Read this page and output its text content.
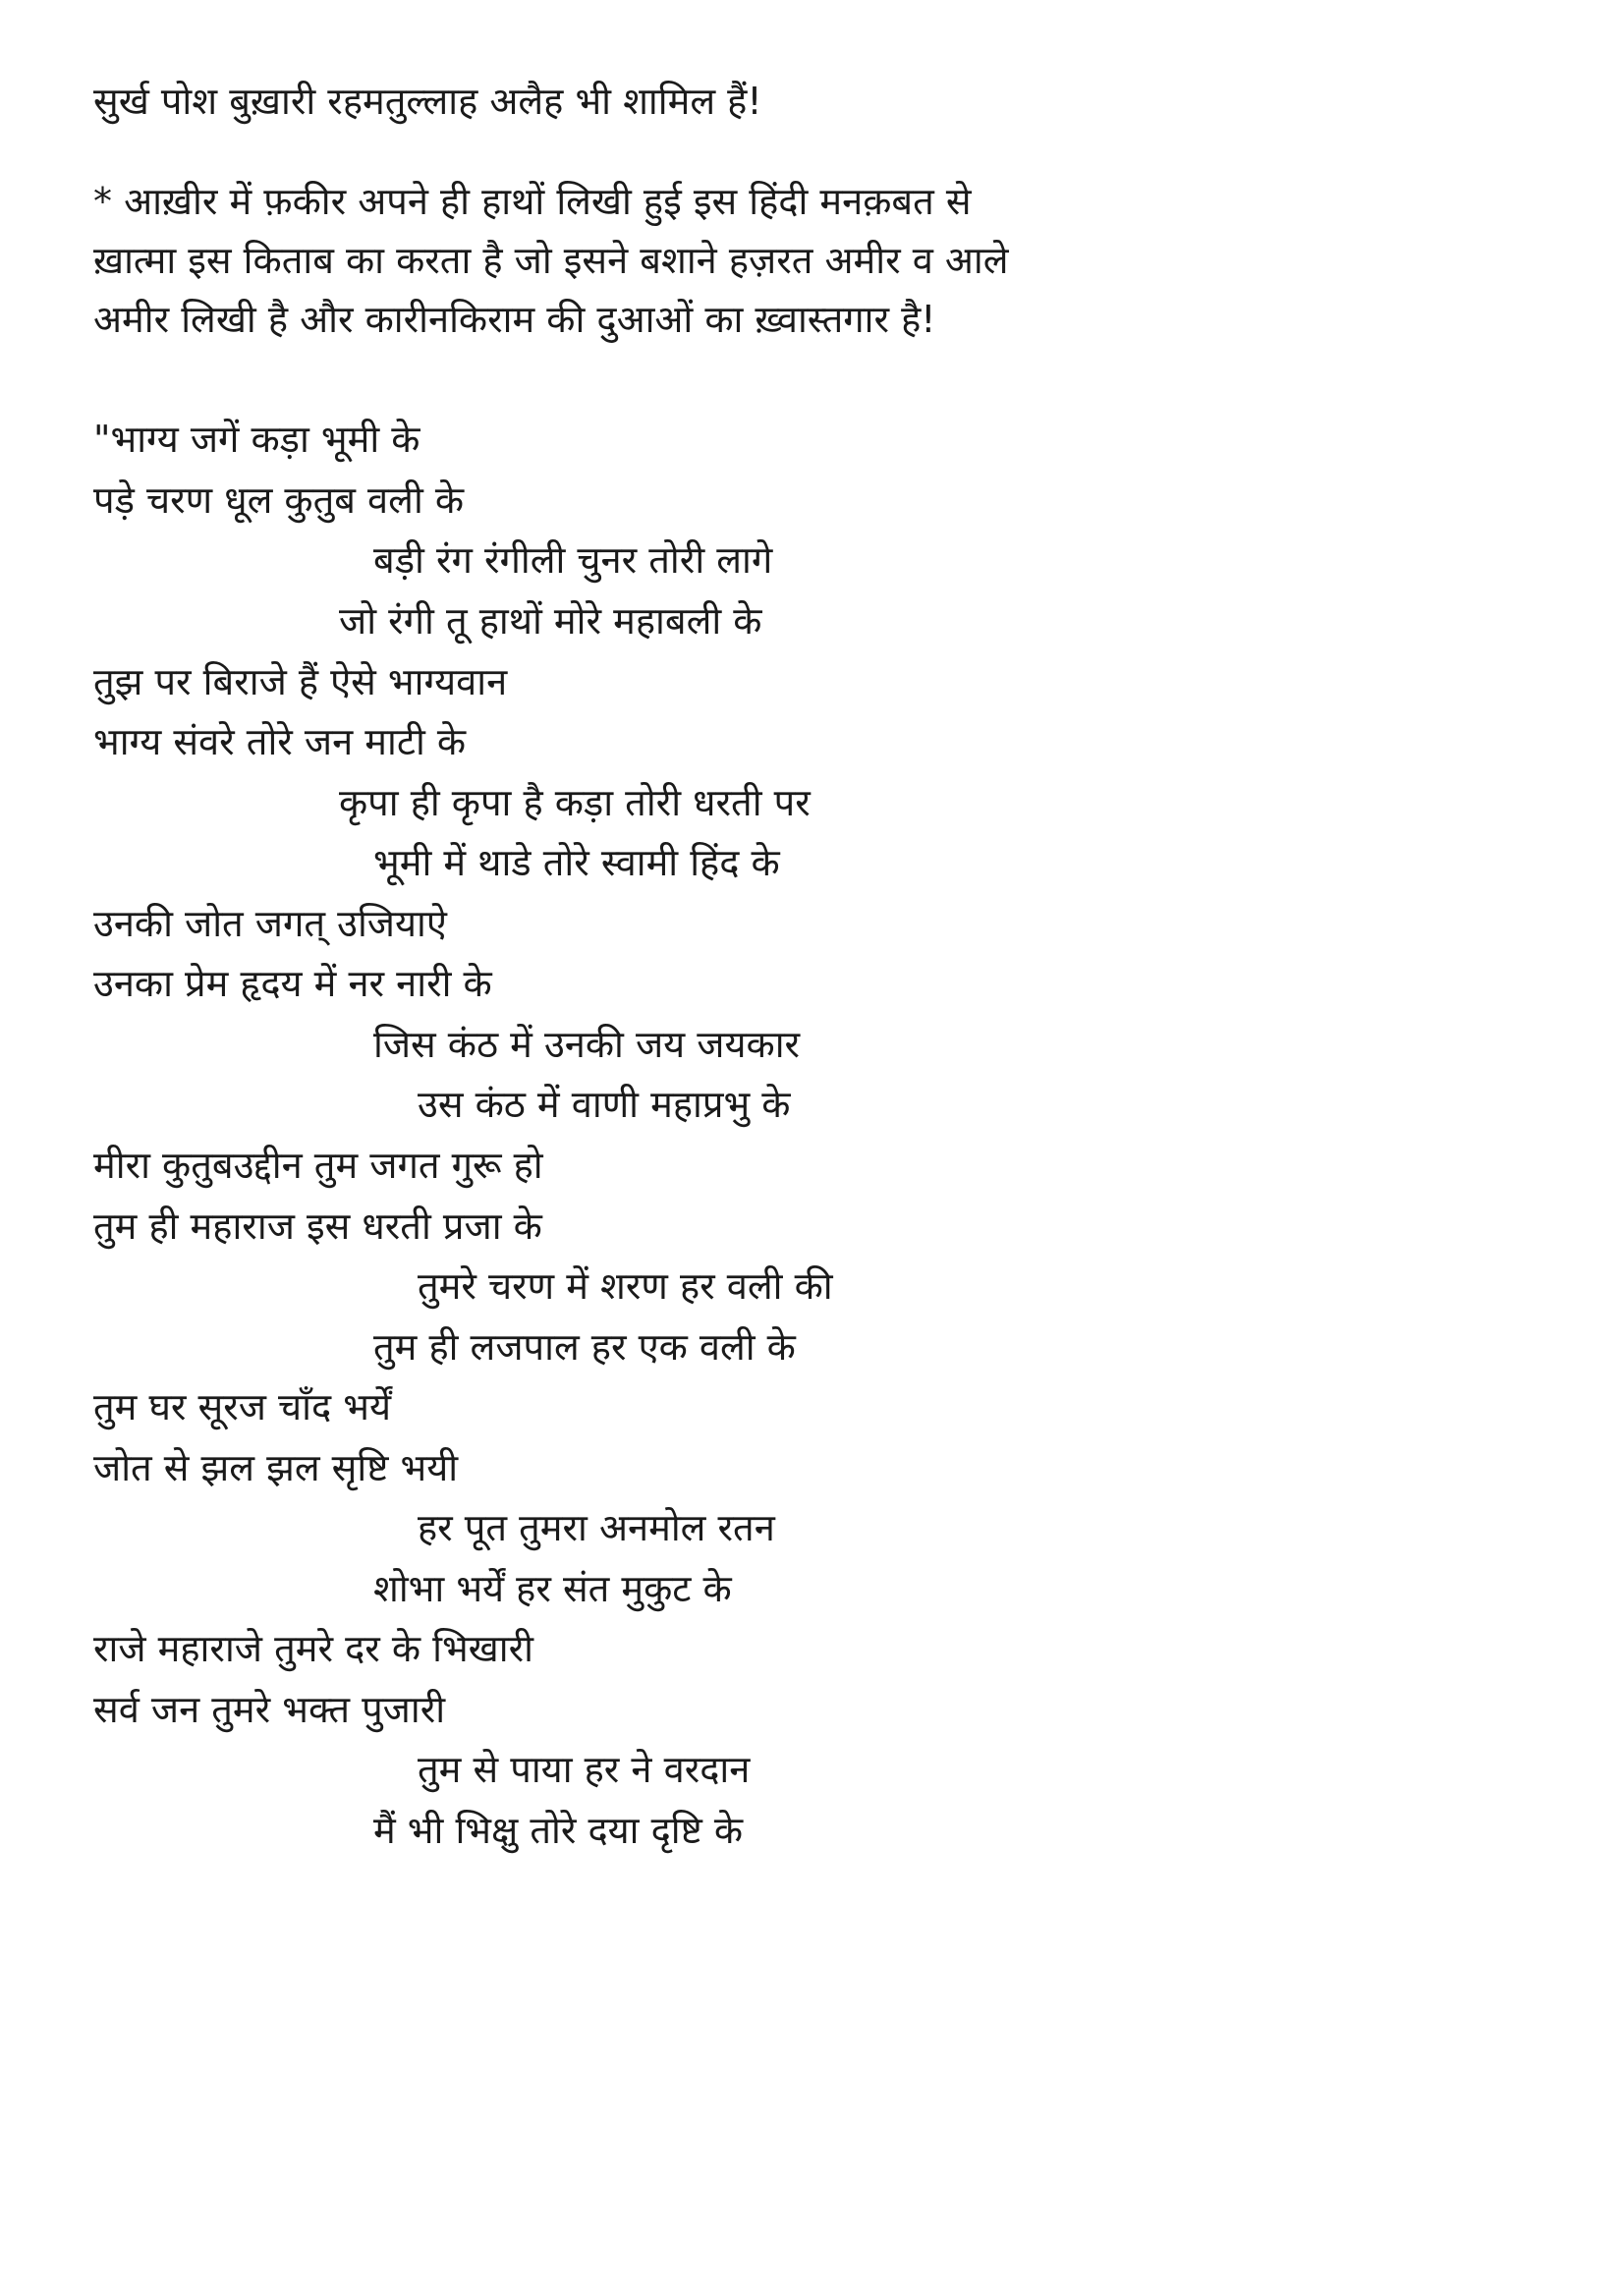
सुर्ख पोश बुख़ारी रहमतुल्लाह अलैह भी शामिल हैं!
* आख़ीर में फ़कीर अपने ही हाथों लिखी हुई इस हिंदी मनक़बत से
ख़ात्मा इस किताब का करता है जो इसने बशाने हज़रत अमीर व आले
अमीर लिखी है और कारीनकिराम की दुआओं का ख़्वास्तगार है!
"भाग्य जगें कड़ा भूमी के
पड़े चरण धूल कुतुब वली के
बड़ी रंग रंगीली चुनर तोरी लागे
जो रंगी तू हाथों मोरे महाबली के
तुझ पर बिराजे हैं ऐसे भाग्यवान
भाग्य संवरे तोरे जन माटी के
कृपा ही कृपा है कड़ा तोरी धरती पर
भूमी में थाडे तोरे स्वामी हिंद के
उनकी जोत जगत् उजियाऐ
उनका प्रेम हृदय में नर नारी के
जिस कंठ में उनकी जय जयकार
उस कंठ में वाणी महाप्रभु के
मीरा कुतुबउद्दीन तुम जगत गुरू हो
तुम ही महाराज इस धरती प्रजा के
तुमरे चरण में शरण हर वली की
तुम ही लजपाल हर एक वली के
तुम घर सूरज चाँद भर्यें
जोत से झल झल सृष्टि भयी
हर पूत तुमरा अनमोल रतन
शोभा भर्यें हर संत मुकुट के
राजे महाराजे तुमरे दर के भिखारी
सर्व जन तुमरे भक्त पुजारी
तुम से पाया हर ने वरदान
मैं भी भिक्षु तोरे दया दृष्टि के
